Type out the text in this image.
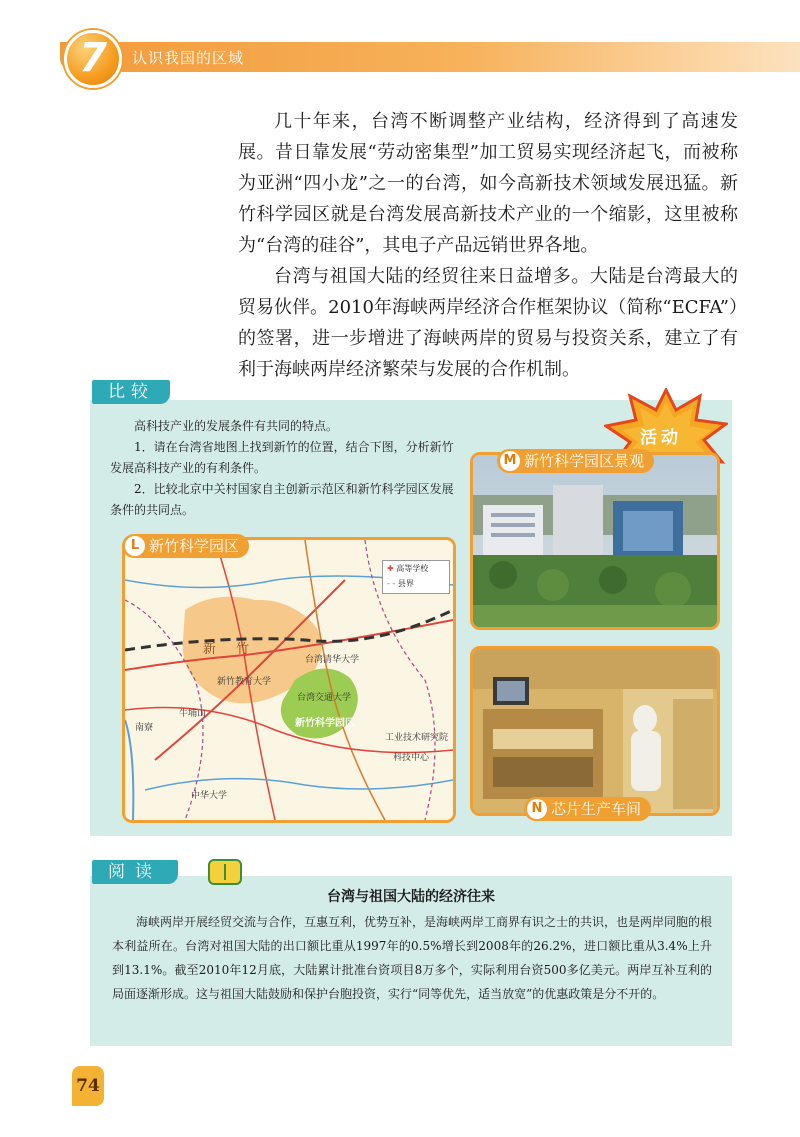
7	认识我国的区域

几十年来，台湾不断调整产业结构，经济得到了高速发展。昔日靠发展“劳动密集型”加工贸易实现经济起飞，而被称为亚洲“四小龙”之一的台湾，如今高新技术领域发展迅猛。新竹科学园区就是台湾发展高新技术产业的一个缩影，这里被称为“台湾的硅谷”，其电子产品远销世界各地。

台湾与祖国大陆的经贸往来日益增多。大陆是台湾最大的贸易伙伴。2010年海峡两岸经济合作框架协议（简称“ECFA”）的签署，进一步增进了海峡两岸的贸易与投资关系，建立了有利于海峡两岸经济繁荣与发展的合作机制。

比较
活动

高科技产业的发展条件有共同的特点。

1．请在台湾省地图上找到新竹的位置，结合下图，分析新竹发展高科技产业的有利条件。

2．比较北京中关村国家自主创新示范区和新竹科学园区发展条件的共同点。

新 竹
新竹科学园区
台湾清华大学
台湾交通大学
工业技术研究院
新竹教育大学
牛埔山
南寮
中华大学
科技中心
✚ 高等学校
- - 县界
L 新竹科学园区
M 新竹科学园区景观
N 芯片生产车间
阅读
台湾与祖国大陆的经济往来
海峡两岸开展经贸交流与合作，互惠互利，优势互补，是海峡两岸工商界有识之士的共识，也是两岸同胞的根本利益所在。台湾对祖国大陆的出口额比重从1997年的0.5%增长到2008年的26.2%，进口额比重从3.4%上升到13.1%。截至2010年12月底，大陆累计批准台资项目8万多个，实际利用台资500多亿美元。两岸互补互利的局面逐渐形成。这与祖国大陆鼓励和保护台胞投资，实行“同等优先，适当放宽”的优惠政策是分不开的。
74
